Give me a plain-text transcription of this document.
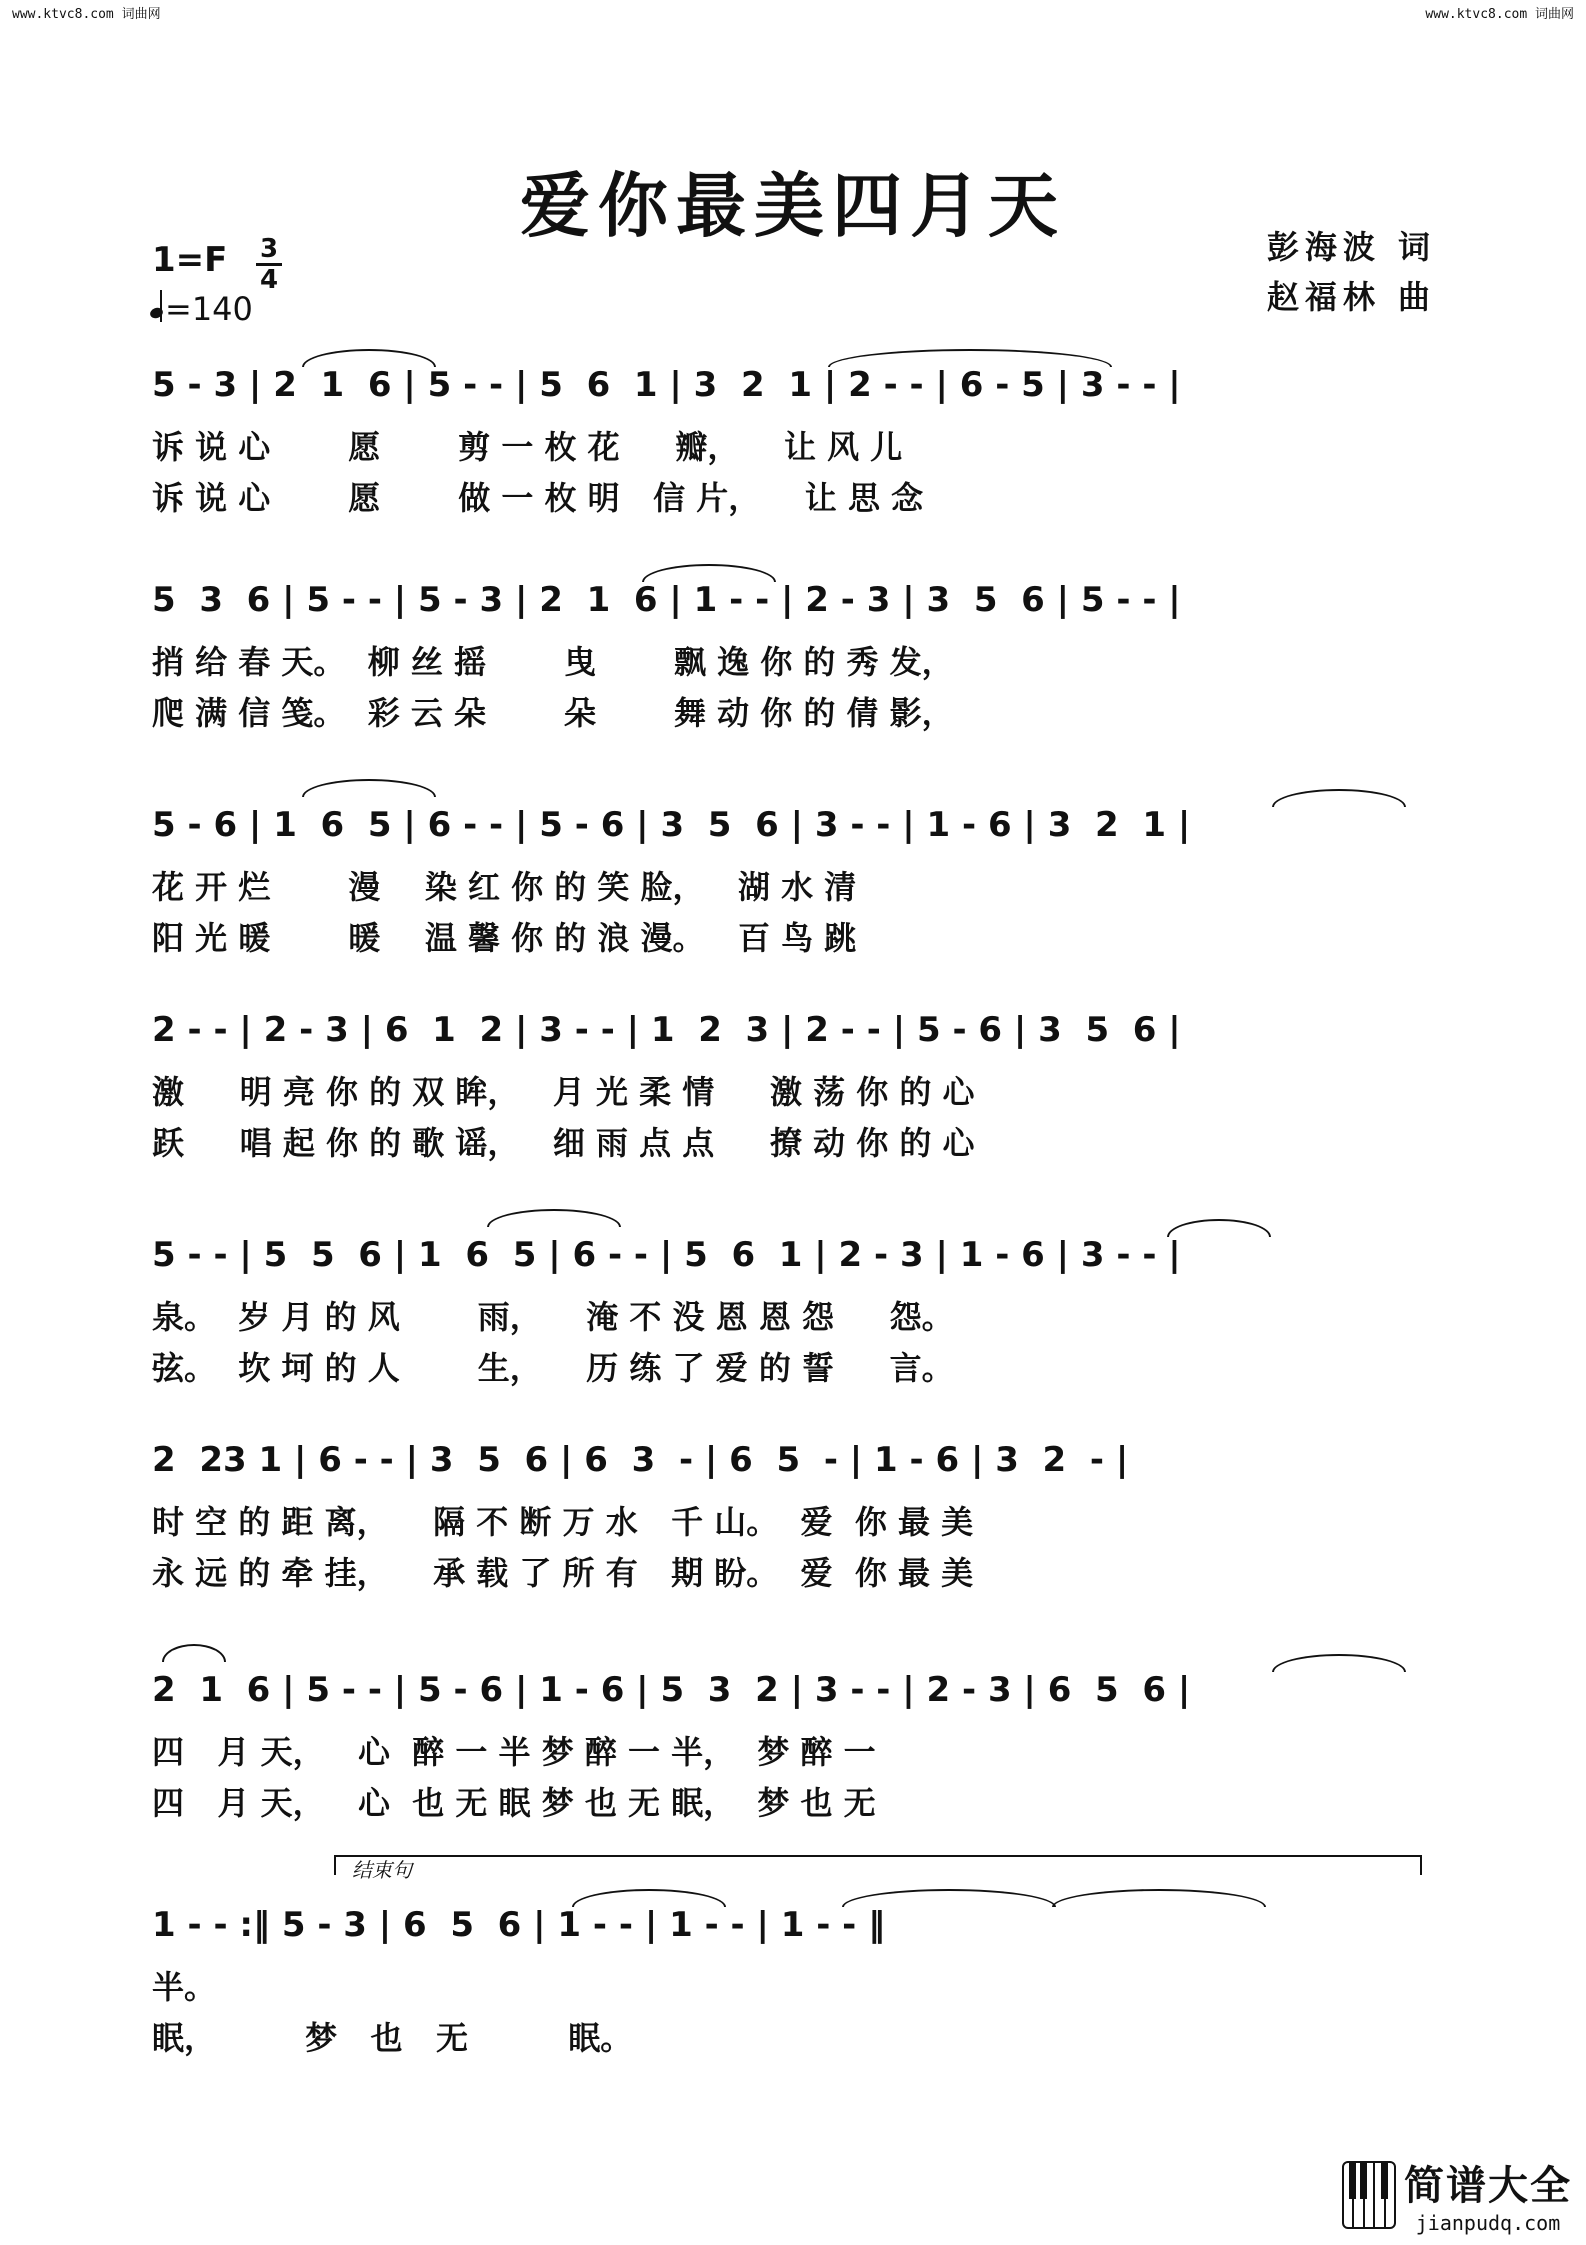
www.ktvc8.com 词曲网	www.ktvc8.com 词曲网
爱你最美四月天	彭海波 词
赵福林 曲
1=F 3
4
=140
5 - 3 | 2  1  6 | 5 - - | 5  6  1 | 3  2  1 | 2 - - | 6 - 5 | 3 - - |
诉 说 心       愿       剪 一 枚 花     瓣，    让 风 儿
诉 说 心       愿       做 一 枚 明   信 片，    让 思 念
5  3  6 | 5 - - | 5 - 3 | 2  1  6 | 1 - - | 2 - 3 | 3  5  6 | 5 - - |
捎 给 春 天。  柳 丝 摇       曳       飘 逸 你 的 秀 发，
爬 满 信 笺。  彩 云 朵       朵       舞 动 你 的 倩 影，
5 - 6 | 1  6  5 | 6 - - | 5 - 6 | 3  5  6 | 3 - - | 1 - 6 | 3  2  1 |
花 开 烂       漫    染 红 你 的 笑 脸，   湖 水 清
阳 光 暖       暖    温 馨 你 的 浪 漫。   百 鸟 跳
2 - - | 2 - 3 | 6  1  2 | 3 - - | 1  2  3 | 2 - - | 5 - 6 | 3  5  6 |
激     明 亮 你 的 双 眸，   月 光 柔 情     激 荡 你 的 心
跃     唱 起 你 的 歌 谣，   细 雨 点 点     撩 动 你 的 心
5 - - | 5  5  6 | 1  6  5 | 6 - - | 5  6  1 | 2 - 3 | 1 - 6 | 3 - - |
泉。  岁 月 的 风       雨，    淹 不 没 恩 恩 怨     怨。
弦。  坎 坷 的 人       生，    历 练 了 爱 的 誓     言。
2  23 1 | 6 - - | 3  5  6 | 6  3  - | 6  5  - | 1 - 6 | 3  2  - |
时 空 的 距 离，    隔 不 断 万 水   千 山。  爱  你 最 美
永 远 的 牵 挂，    承 载 了 所 有   期 盼。  爱  你 最 美
2  1  6 | 5 - - | 5 - 6 | 1 - 6 | 5  3  2 | 3 - - | 2 - 3 | 6  5  6 |
四   月 天，   心  醉 一 半 梦 醉 一 半，  梦 醉 一
四   月 天，   心  也 无 眠 梦 也 无 眠，  梦 也 无
结束句
1 - - :‖ 5 - 3 | 6  5  6 | 1 - - | 1 - - | 1 - - ‖
半。
眠，        梦   也   无         眠。
简谱大全
jianpudq.com
